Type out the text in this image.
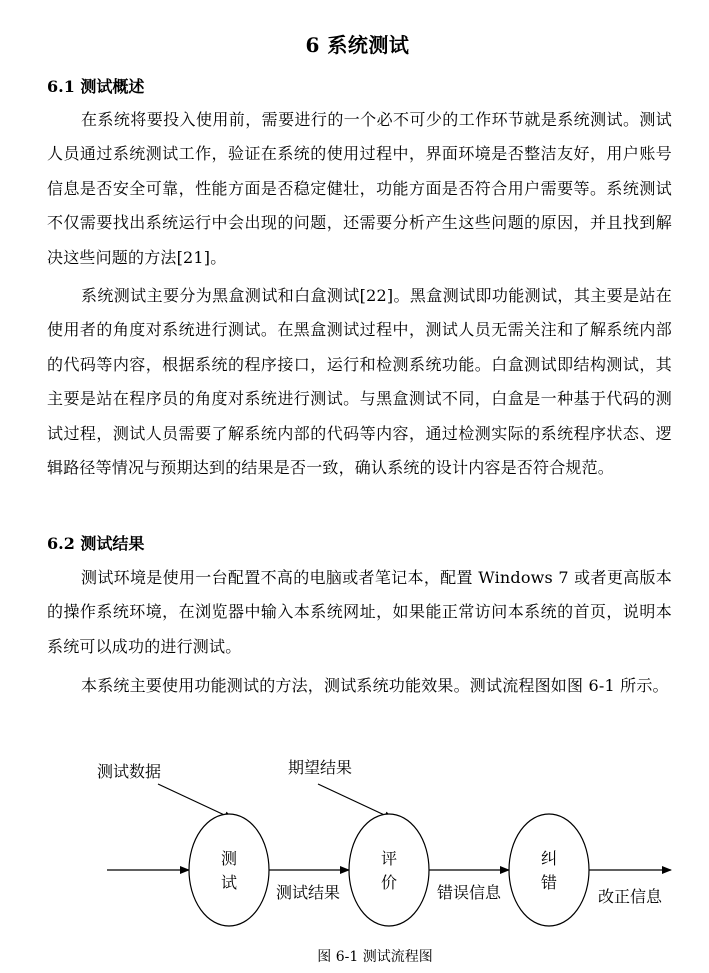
6 系统测试
6.1 测试概述

在系统将要投入使用前，需要进行的一个必不可少的工作环节就是系统测试。测试人员通过系统测试工作，验证在系统的使用过程中，界面环境是否整洁友好，用户账号信息是否安全可靠，性能方面是否稳定健壮，功能方面是否符合用户需要等。系统测试不仅需要找出系统运行中会出现的问题，还需要分析产生这些问题的原因，并且找到解决这些问题的方法[21]。

系统测试主要分为黑盒测试和白盒测试[22]。黑盒测试即功能测试，其主要是站在使用者的角度对系统进行测试。在黑盒测试过程中，测试人员无需关注和了解系统内部的代码等内容，根据系统的程序接口，运行和检测系统功能。白盒测试即结构测试，其主要是站在程序员的角度对系统进行测试。与黑盒测试不同，白盒是一种基于代码的测试过程，测试人员需要了解系统内部的代码等内容，通过检测实际的系统程序状态、逻辑路径等情况与预期达到的结果是否一致，确认系统的设计内容是否符合规范。

6.2 测试结果

测试环境是使用一台配置不高的电脑或者笔记本，配置 Windows 7 或者更高版本的操作系统环境，在浏览器中输入本系统网址，如果能正常访问本系统的首页，说明本系统可以成功的进行测试。

本系统主要使用功能测试的方法，测试系统功能效果。测试流程图如图 6-1 所示。

测试数据	期望结果
测
试
评
价
纠
错
测试结果	错误信息	改正信息
图 6-1 测试流程图
